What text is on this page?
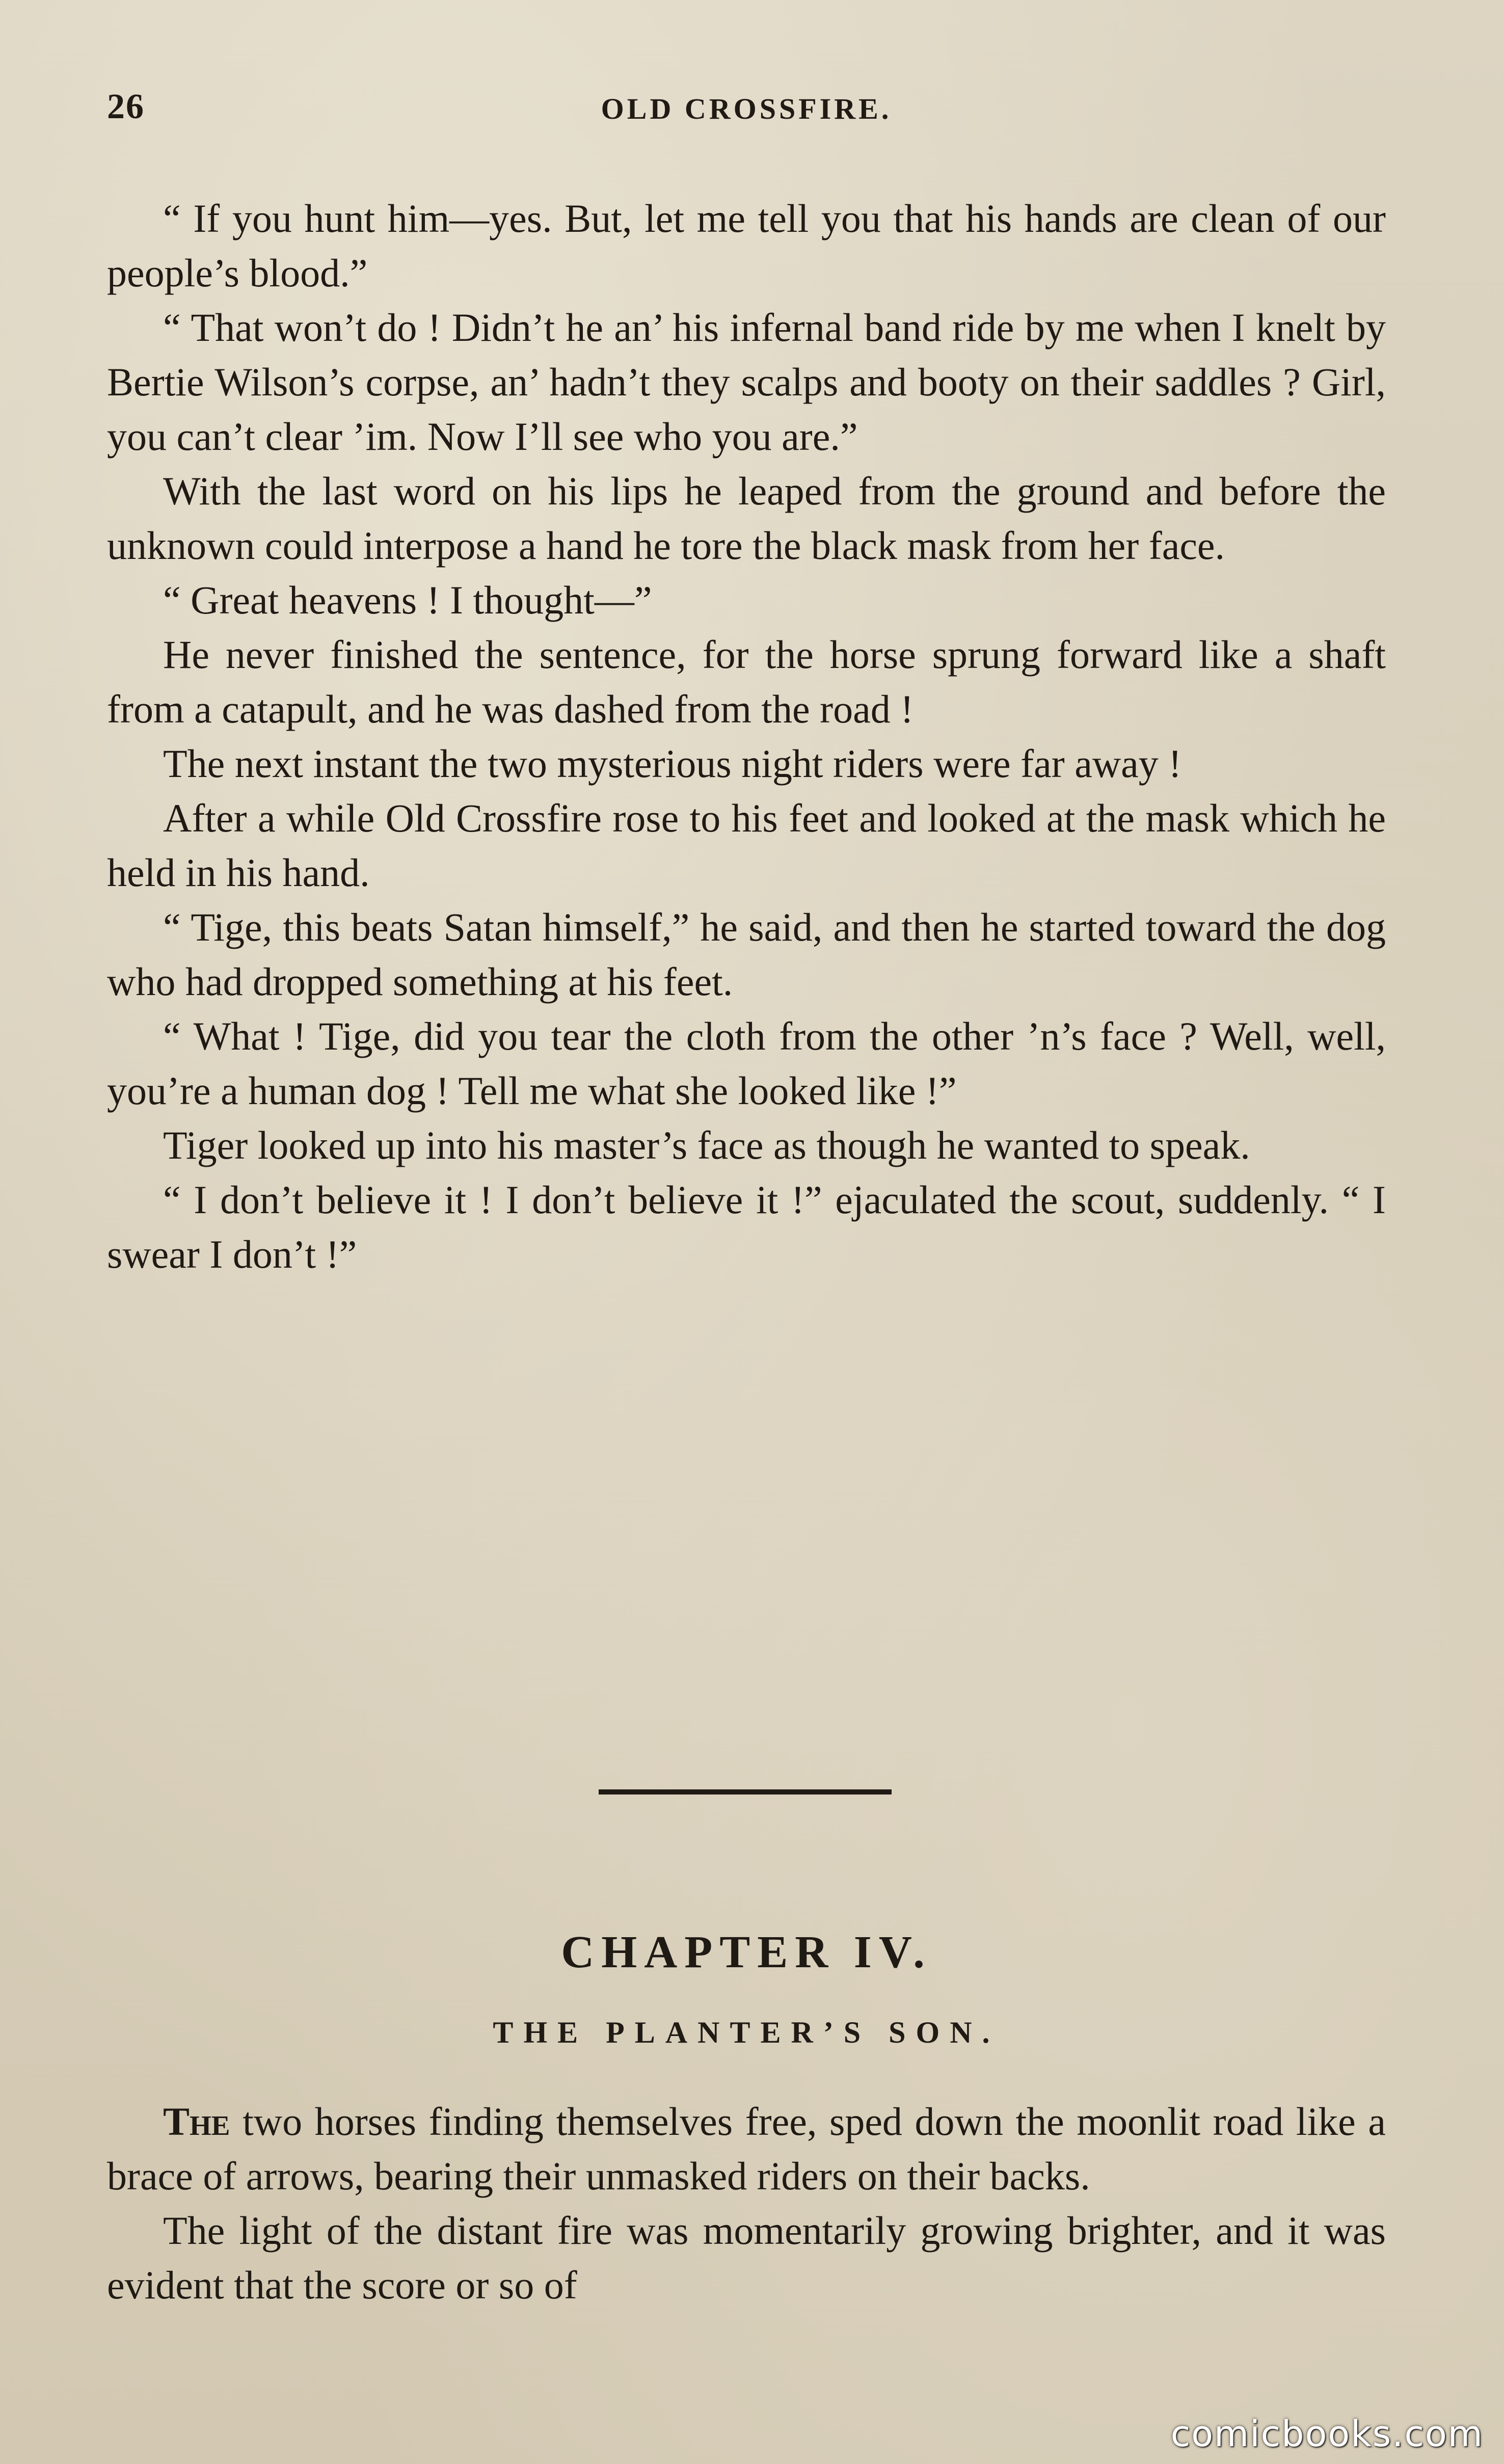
26	OLD CROSSFIRE.

“ If you hunt him—yes. But, let me tell you that his hands are clean of our people’s blood.”

“ That won’t do ! Didn’t he an’ his infernal band ride by me when I knelt by Bertie Wilson’s corpse, an’ hadn’t they scalps and booty on their saddles ? Girl, you can’t clear ’im. Now I’ll see who you are.”

With the last word on his lips he leaped from the ground and before the unknown could interpose a hand he tore the black mask from her face.

“ Great heavens ! I thought—”

He never finished the sentence, for the horse sprung forward like a shaft from a catapult, and he was dashed from the road !

The next instant the two mysterious night riders were far away !

After a while Old Crossfire rose to his feet and looked at the mask which he held in his hand.

“ Tige, this beats Satan himself,” he said, and then he started toward the dog who had dropped something at his feet.

“ What ! Tige, did you tear the cloth from the other ’n’s face ? Well, well, you’re a human dog ! Tell me what she looked like !”

Tiger looked up into his master’s face as though he wanted to speak.

“ I don’t believe it ! I don’t believe it !” ejaculated the scout, suddenly. “ I swear I don’t !”

CHAPTER IV.
THE PLANTER’S SON.

The two horses finding themselves free, sped down the moonlit road like a brace of arrows, bearing their unmasked riders on their backs.

The light of the distant fire was momentarily growing brighter, and it was evident that the score or so of

comicbooks.com
